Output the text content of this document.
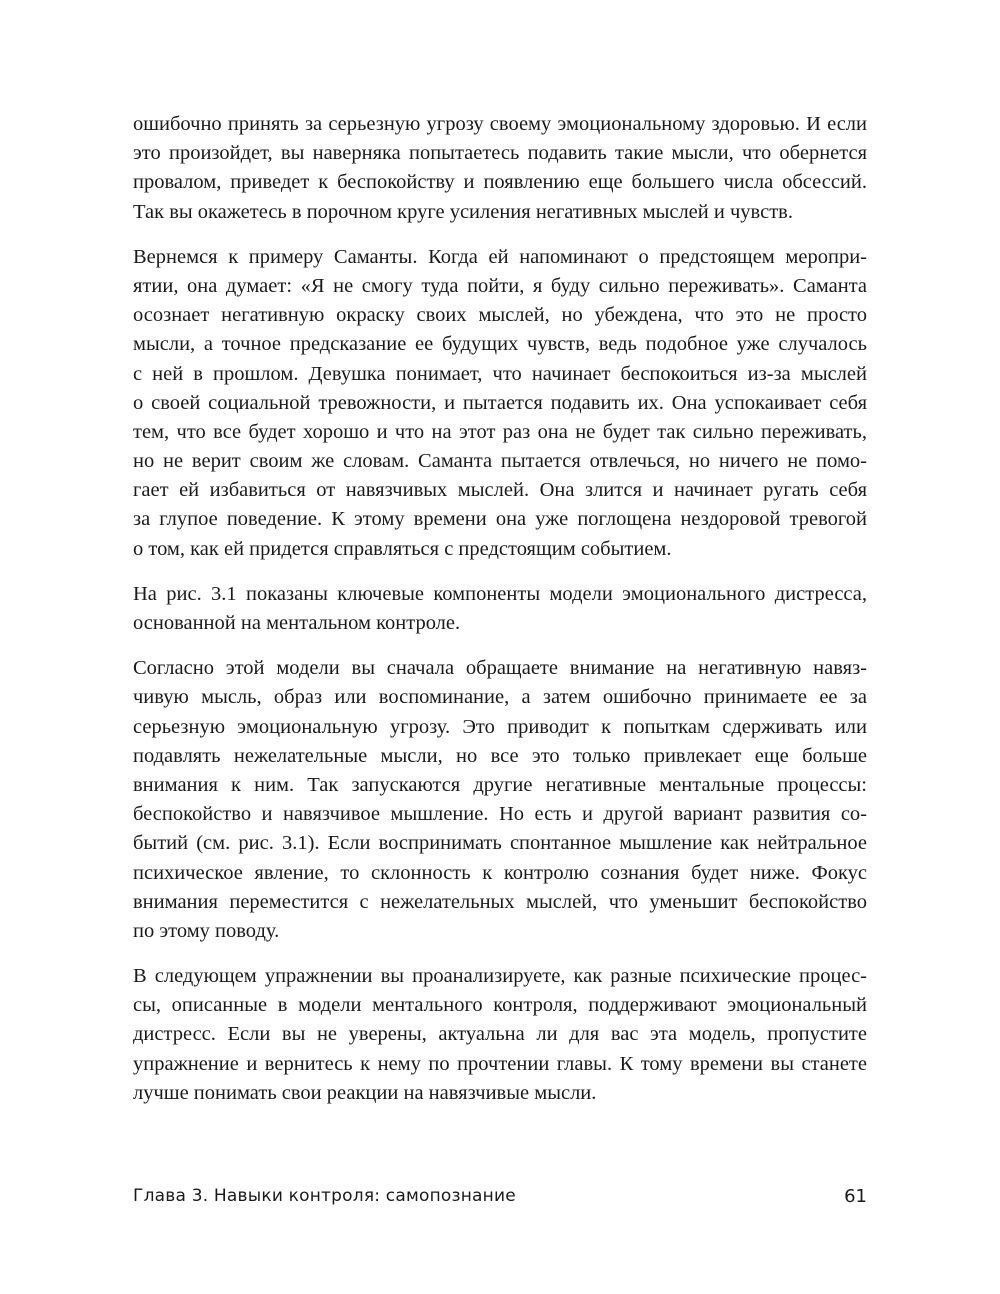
ошибочно принять за серьезную угрозу своему эмоциональному здоровью. И если
это произойдет, вы наверняка попытаетесь подавить такие мысли, что обернется
провалом, приведет к беспокойству и появлению еще большего числа обсессий.
Так вы окажетесь в порочном круге усиления негативных мыслей и чувств.
Вернемся к примеру Саманты. Когда ей напоминают о предстоящем меропри-
ятии, она думает: «Я не смогу туда пойти, я буду сильно переживать». Саманта
осознает негативную окраску своих мыслей, но убеждена, что это не просто
мысли, а точное предсказание ее будущих чувств, ведь подобное уже случалось
с ней в прошлом. Девушка понимает, что начинает беспокоиться из-за мыслей
о своей социальной тревожности, и пытается подавить их. Она успокаивает себя
тем, что все будет хорошо и что на этот раз она не будет так сильно переживать,
но не верит своим же словам. Саманта пытается отвлечься, но ничего не помо-
гает ей избавиться от навязчивых мыслей. Она злится и начинает ругать себя
за глупое поведение. К этому времени она уже поглощена нездоровой тревогой
о том, как ей придется справляться с предстоящим событием.
На рис. 3.1 показаны ключевые компоненты модели эмоционального дистресса,
основанной на ментальном контроле.
Согласно этой модели вы сначала обращаете внимание на негативную навяз-
чивую мысль, образ или воспоминание, а затем ошибочно принимаете ее за
серьезную эмоциональную угрозу. Это приводит к попыткам сдерживать или
подавлять нежелательные мысли, но все это только привлекает еще больше
внимания к ним. Так запускаются другие негативные ментальные процессы:
беспокойство и навязчивое мышление. Но есть и другой вариант развития со-
бытий (см. рис. 3.1). Если воспринимать спонтанное мышление как нейтральное
психическое явление, то склонность к контролю сознания будет ниже. Фокус
внимания переместится с нежелательных мыслей, что уменьшит беспокойство
по этому поводу.
В следующем упражнении вы проанализируете, как разные психические процес-
сы, описанные в модели ментального контроля, поддерживают эмоциональный
дистресс. Если вы не уверены, актуальна ли для вас эта модель, пропустите
упражнение и вернитесь к нему по прочтении главы. К тому времени вы станете
лучше понимать свои реакции на навязчивые мысли.
Глава 3. Навыки контроля: самопознание	61
